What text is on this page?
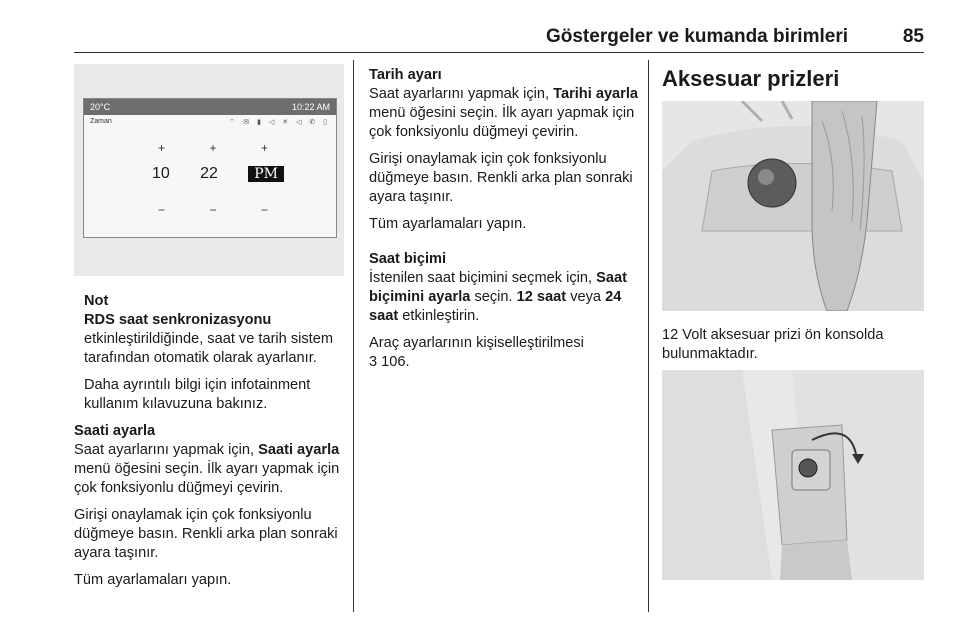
Göstergeler ve kumanda birimleri	85
20°C	10:22 AM
Zaman	⌔ ✉ ▮ ◁ ✕ ◁ ✆ ▯
+	+	+
10 22	PM
−	−	−

Not

RDS saat senkronizasyonu

etkinleştirildiğinde, saat ve tarih sistem tarafından otomatik olarak ayarlanır.

Daha ayrıntılı bilgi için infotainment kullanım kılavuzuna bakınız.

Saati ayarla

Saat ayarlarını yapmak için, Saati ayarla menü öğesini seçin. İlk ayarı yapmak için çok fonksiyonlu düğmeyi çevirin.

Girişi onaylamak için çok fonksiyonlu düğmeye basın. Renkli arka plan sonraki ayara taşınır.

Tüm ayarlamaları yapın.

Tarih ayarı

Saat ayarlarını yapmak için, Tarihi ayarla menü öğesini seçin. İlk ayarı yapmak için çok fonksiyonlu düğmeyi çevirin.

Girişi onaylamak için çok fonksiyonlu düğmeye basın. Renkli arka plan sonraki ayara taşınır.

Tüm ayarlamaları yapın.

Saat biçimi

İstenilen saat biçimini seçmek için, Saat biçimini ayarla seçin. 12 saat veya 24 saat etkinleştirin.

Araç ayarlarının kişiselleştirilmesi
3 106.

Aksesuar prizleri

12 Volt aksesuar prizi ön konsolda bulunmaktadır.
